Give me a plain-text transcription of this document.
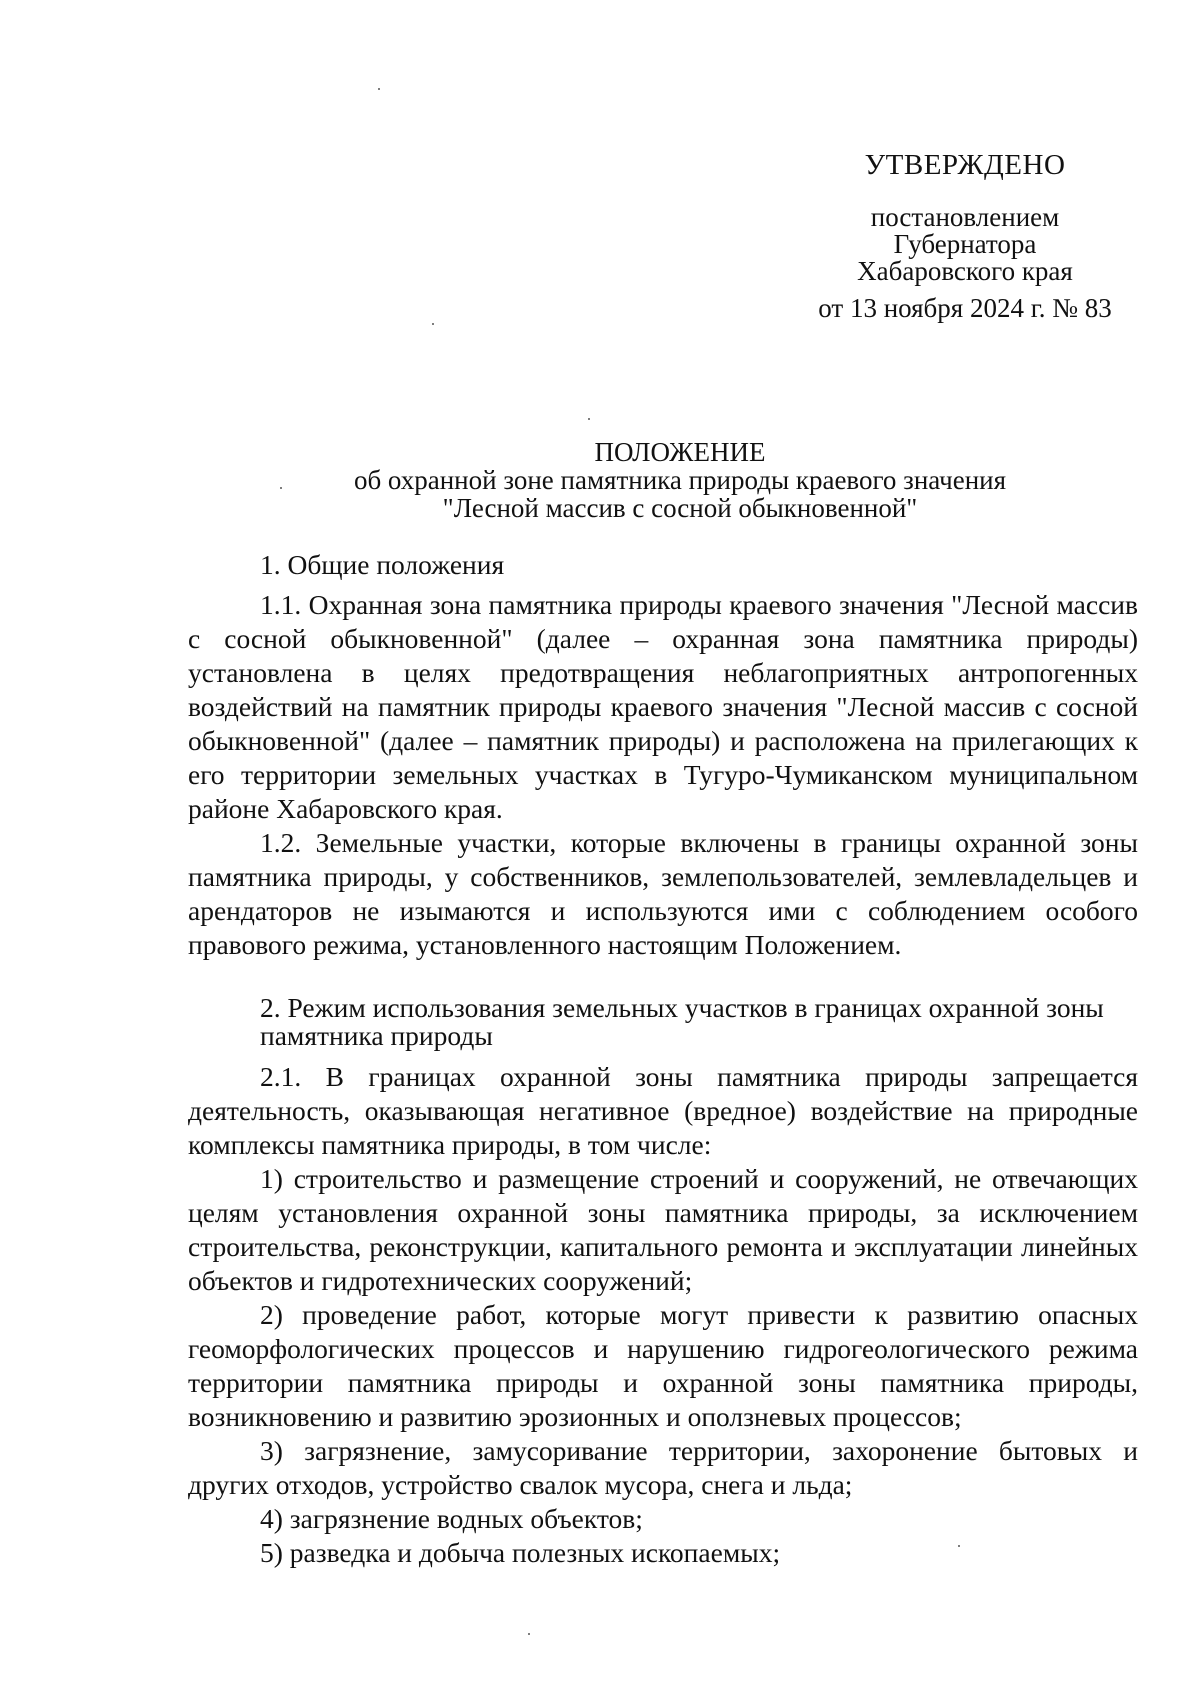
УТВЕРЖДЕНО
постановлением
Губернатора
Хабаровского края
от 13 ноября 2024 г. № 83
ПОЛОЖЕНИЕ
об охранной зоне памятника природы краевого значения
"Лесной массив с сосной обыкновенной"

1. Общие положения

1.1. Охранная зона памятника природы краевого значения "Лесной массив с сосной обыкновенной" (далее – охранная зона памятника природы) установлена в целях предотвращения неблагоприятных антропогенных воздействий на памятник природы краевого значения "Лесной массив с сосной обыкновенной" (далее – памятник природы) и расположена на прилегающих к его территории земельных участках в Тугуро-Чумиканском муниципальном районе Хабаровского края.

1.2. Земельные участки, которые включены в границы охранной зоны памятника природы, у собственников, землепользователей, землевладельцев и арендаторов не изымаются и используются ими с соблюдением особого правового режима, установленного настоящим Положением.

2. Режим использования земельных участков в границах охранной зоны памятника природы

2.1. В границах охранной зоны памятника природы запрещается деятельность, оказывающая негативное (вредное) воздействие на природные комплексы памятника природы, в том числе:

1) строительство и размещение строений и сооружений, не отвечающих целям установления охранной зоны памятника природы, за исключением строительства, реконструкции, капитального ремонта и эксплуатации линейных объектов и гидротехнических сооружений;

2) проведение работ, которые могут привести к развитию опасных геоморфологических процессов и нарушению гидрогеологического режима территории памятника природы и охранной зоны памятника природы, возникновению и развитию эрозионных и оползневых процессов;

3) загрязнение, замусоривание территории, захоронение бытовых и других отходов, устройство свалок мусора, снега и льда;

4) загрязнение водных объектов;

5) разведка и добыча полезных ископаемых;
